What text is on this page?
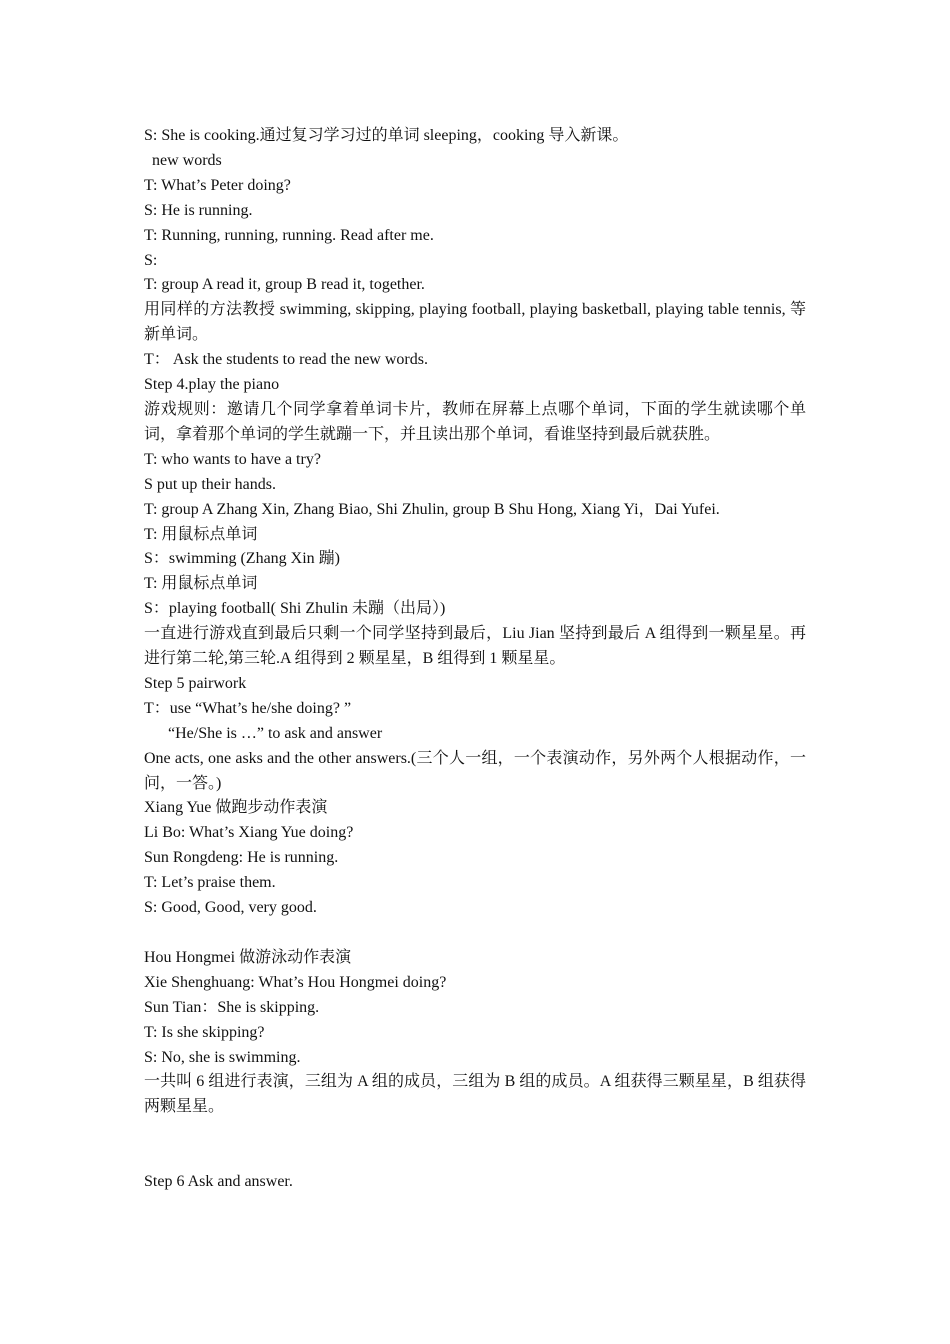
S: She is cooking.通过复习学习过的单词 sleeping，cooking 导入新课。

new words

T: What’s Peter doing?

S: He is running.

T: Running, running, running. Read after me.

S:

T: group A read it, group B read it, together.

用同样的方法教授 swimming, skipping, playing football, playing basketball, playing table tennis, 等新单词。

T： Ask the students to read the new words.

Step 4.play the piano

游戏规则：邀请几个同学拿着单词卡片，教师在屏幕上点哪个单词，下面的学生就读哪个单词，拿着那个单词的学生就蹦一下，并且读出那个单词，看谁坚持到最后就获胜。

T: who wants to have a try?

S put up their hands.

T: group A Zhang Xin, Zhang Biao, Shi Zhulin, group B Shu Hong, Xiang Yi，Dai Yufei.

T: 用鼠标点单词

S：swimming (Zhang Xin 蹦)

T: 用鼠标点单词

S：playing football( Shi Zhulin 未蹦（出局）)

一直进行游戏直到最后只剩一个同学坚持到最后，Liu Jian 坚持到最后 A 组得到一颗星星。再进行第二轮,第三轮.A 组得到 2 颗星星，B 组得到 1 颗星星。

Step 5 pairwork

T：use “What’s he/she doing? ”

“He/She is …” to ask and answer

One acts, one asks and the other answers.(三个人一组，一个表演动作，另外两个人根据动作，一问，一答。)

Xiang Yue 做跑步动作表演

Li Bo: What’s Xiang Yue doing?

Sun Rongdeng: He is running.

T: Let’s praise them.

S: Good, Good, very good.

Hou Hongmei 做游泳动作表演

Xie Shenghuang: What’s Hou Hongmei doing?

Sun Tian：She is skipping.

T: Is she skipping?

S: No, she is swimming.

一共叫 6 组进行表演，三组为 A 组的成员，三组为 B 组的成员。A 组获得三颗星星，B 组获得两颗星星。

Step 6 Ask and answer.
